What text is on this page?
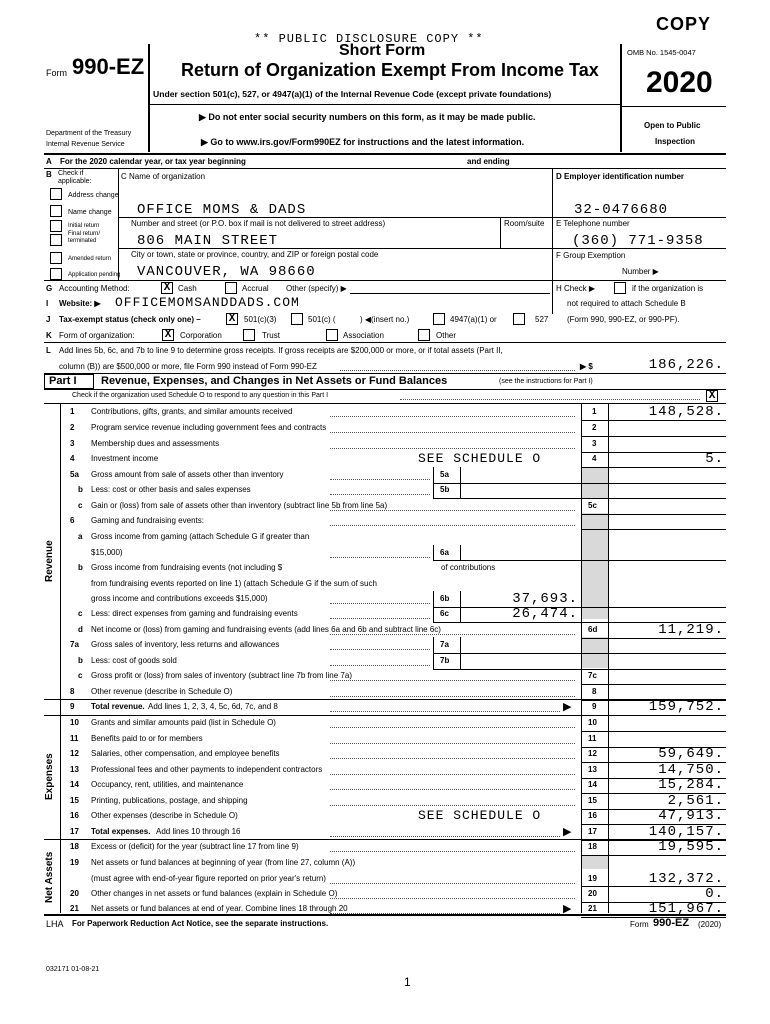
COPY
** PUBLIC DISCLOSURE COPY **
Short Form
Return of Organization Exempt From Income Tax
Form 990-EZ
OMB No. 1545-0047
2020
Under section 501(c), 527, or 4947(a)(1) of the Internal Revenue Code (except private foundations)
▶ Do not enter social security numbers on this form, as it may be made public.
▶ Go to www.irs.gov/Form990EZ for instructions and the latest information.
Department of the Treasury
Internal Revenue Service
Open to Public
Inspection
A For the 2020 calendar year, or tax year beginning	and ending
B Check if applicable:
Address change
Name change
Initial return
Final return/ terminated
Amended return
Application pending
C Name of organization
OFFICE MOMS & DADS
Number and street (or P.O. box if mail is not delivered to street address)	Room/suite
806 MAIN STREET
City or town, state or province, country, and ZIP or foreign postal code
VANCOUVER, WA 98660
D Employer identification number
32-0476680
E Telephone number
(360) 771-9358
F Group Exemption
Number ▶
G Accounting Method:	X Cash	Accrual Other (specify) ▶	H Check ▶	if the organization is
not required to attach Schedule B
(Form 990, 990-EZ, or 990-PF).
I Website: ▶ OFFICEMOMSANDDADS.COM
J Tax-exempt status (check only one) –	X	501(c)(3)	501(c) (	) ◀(insert no.)	4947(a)(1) or	527
K Form of organization:	X	Corporation	Trust	Association	Other
L Add lines 5b, 6c, and 7b to line 9 to determine gross receipts. If gross receipts are $200,000 or more, or if total assets (Part II,
column (B)) are $500,000 or more, file Form 990 instead of Form 990-EZ	▶ $	186,226.
Part I Revenue, Expenses, and Changes in Net Assets or Fund Balances	(see the instructions for Part I)
Check if the organization used Schedule O to respond to any question in this Part I	X
Revenue
Expenses
Net Assets
1 Contributions, gifts, grants, and similar amounts received	1	148,528.
2 Program service revenue including government fees and contracts	2
3 Membership dues and assessments	3
4 Investment income	SEE SCHEDULE O	4	5.
5a Gross amount from sale of assets other than inventory	5a
b Less: cost or other basis and sales expenses	5b
c Gain or (loss) from sale of assets other than inventory (subtract line 5b from line 5a)	5c
6 Gaming and fundraising events:
a Gross income from gaming (attach Schedule G if greater than
$15,000)	6a
b Gross income from fundraising events (not including $
from fundraising events reported on line 1) (attach Schedule G if the sum of such
gross income and contributions exceeds $15,000)
of contributions
6b	37,693.
c Less: direct expenses from gaming and fundraising events	6c	26,474.
d Net income or (loss) from gaming and fundraising events (add lines 6a and 6b and subtract line 6c)	6d	11,219.
7a Gross sales of inventory, less returns and allowances	7a
b Less: cost of goods sold	7b
c Gross profit or (loss) from sales of inventory (subtract line 7b from line 7a)	7c
8 Other revenue (describe in Schedule O)	8
9 Total revenue. Add lines 1, 2, 3, 4, 5c, 6d, 7c, and 8	▶	9	159,752.
10 Grants and similar amounts paid (list in Schedule O)	10
11 Benefits paid to or for members	11
12 Salaries, other compensation, and employee benefits	12	59,649.
13 Professional fees and other payments to independent contractors	13	14,750.
14 Occupancy, rent, utilities, and maintenance	14	15,284.
15 Printing, publications, postage, and shipping	15	2,561.
16 Other expenses (describe in Schedule O)	SEE SCHEDULE O	16	47,913.
17 Total expenses. Add lines 10 through 16	▶ 17	140,157.
18 Excess or (deficit) for the year (subtract line 17 from line 9)	18	19,595.
19 Net assets or fund balances at beginning of year (from line 27, column (A))
(must agree with end-of-year figure reported on prior year's return)	19	132,372.
20 Other changes in net assets or fund balances (explain in Schedule O)	20	0.
21 Net assets or fund balances at end of year. Combine lines 18 through 20	▶ 21	151,967.
LHA For Paperwork Reduction Act Notice, see the separate instructions.	Form 990-EZ (2020)
032171 01-08-21
1
